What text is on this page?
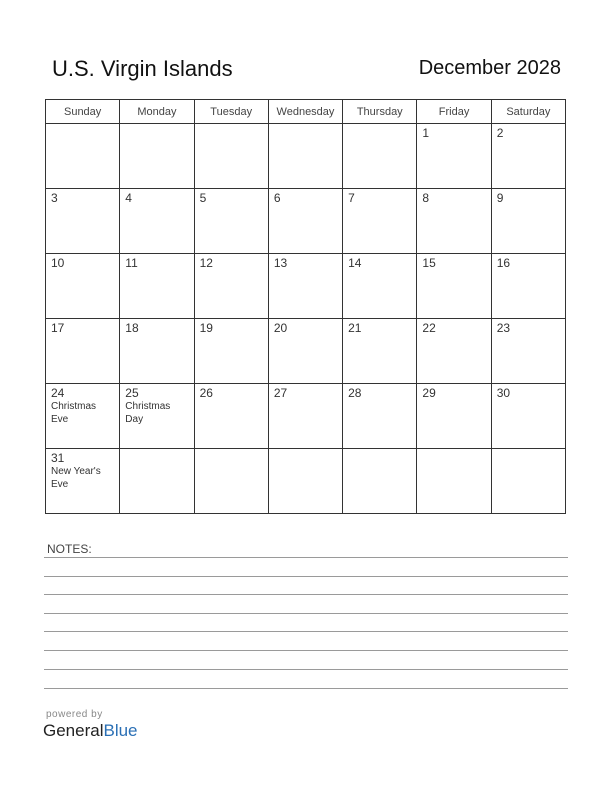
U.S. Virgin Islands	December 2028
Sunday	Monday	Tuesday	Wednesday	Thursday	Friday	Saturday

					1	2

3	4	5	6	7	8	9

10	11	12	13	14	15	16

17	18	19	20	21	22	23

24
Christmas
Eve	25
Christmas
Day	26	27	28	29	30

31
New Year's
Eve						

NOTES:
powered by
GeneralBlue
